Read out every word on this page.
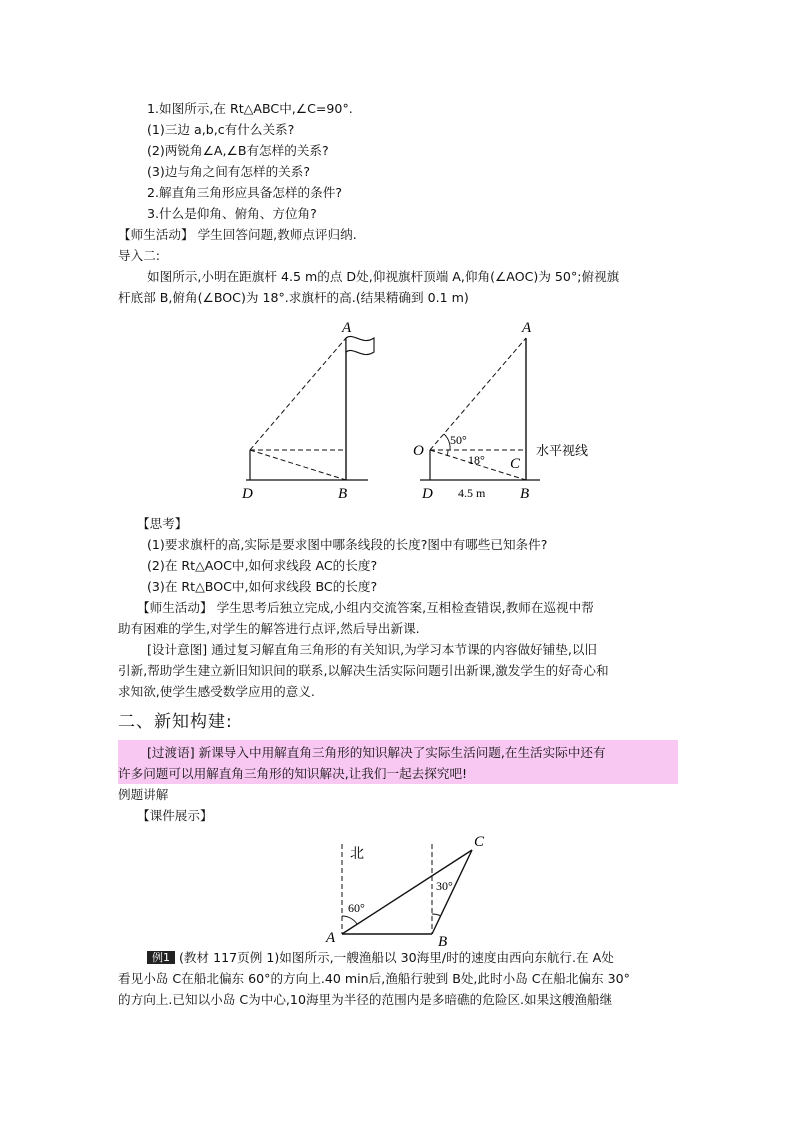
1.如图所示,在 Rt△ABC中,∠C=90°.
(1)三边 a,b,c有什么关系?
(2)两锐角∠A,∠B有怎样的关系?
(3)边与角之间有怎样的关系?
2.解直角三角形应具备怎样的条件?
3.什么是仰角、俯角、方位角?
【师生活动】 学生回答问题,教师点评归纳.
导入二:
如图所示,小明在距旗杆 4.5 m的点 D处,仰视旗杆顶端 A,仰角(∠AOC)为 50°;俯视旗
杆底部 B,俯角(∠BOC)为 18°.求旗杆的高.(结果精确到 0.1 m)
A
D	B
A
O
C
D	B
50°
18°
4.5 m
水平视线
【思考】
(1)要求旗杆的高,实际是要求图中哪条线段的长度?图中有哪些已知条件?
(2)在 Rt△AOC中,如何求线段 AC的长度?
(3)在 Rt△BOC中,如何求线段 BC的长度?
【师生活动】 学生思考后独立完成,小组内交流答案,互相检查错误,教师在巡视中帮
助有困难的学生,对学生的解答进行点评,然后导出新课.
[设计意图] 通过复习解直角三角形的有关知识,为学习本节课的内容做好铺垫,以旧
引新,帮助学生建立新旧知识间的联系,以解决生活实际问题引出新课,激发学生的好奇心和
求知欲,使学生感受数学应用的意义.
二、新知构建:
[过渡语] 新课导入中用解直角三角形的知识解决了实际生活问题,在生活实际中还有
许多问题可以用解直角三角形的知识解决,让我们一起去探究吧!
例题讲解
【课件展示】
北
60°
30°
A	B
C
例1 (教材 117页例 1)如图所示,一艘渔船以 30海里/时的速度由西向东航行.在 A处
看见小岛 C在船北偏东 60°的方向上.40 min后,渔船行驶到 B处,此时小岛 C在船北偏东 30°
的方向上.已知以小岛 C为中心,10海里为半径的范围内是多暗礁的危险区.如果这艘渔船继
